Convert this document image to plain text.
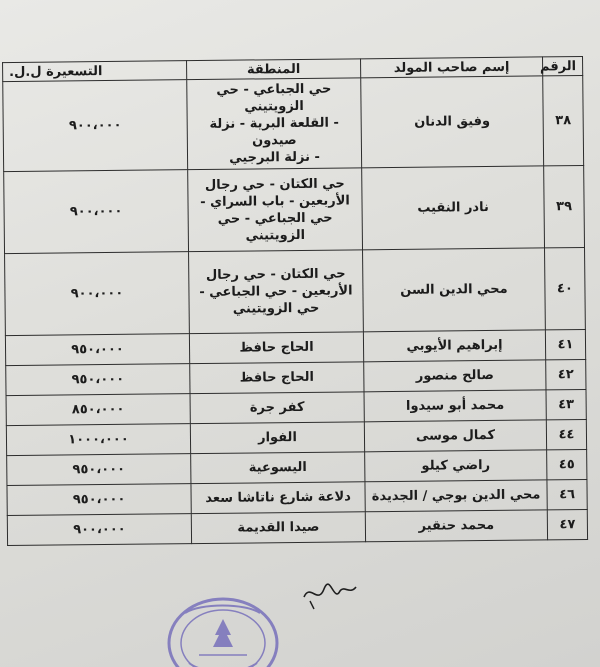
الرقم	إسم صاحب المولد	المنطقة	التسعيرة ل.ل.
٣٨	وفيق الدنان	حي الجباعي - حي الزويتيني
- القلعة البرية - نزلة صيدون
- نزلة البرجيي	٩٠٠،٠٠٠
٣٩	نادر النقيب	حي الكتان - حي رجال
الأربعين - باب السراي -
حي الجباعي - حي الزويتيني	٩٠٠،٠٠٠
٤٠	محي الدين السن	حي الكتان - حي رجال
الأربعين - حي الجباعي -
حي الزويتيني	٩٠٠،٠٠٠
٤١	إبراهيم الأيوبي	الحاج حافظ	٩٥٠،٠٠٠
٤٢	صالح منصور	الحاج حافظ	٩٥٠،٠٠٠
٤٣	محمد أبو سيدوا	كفر جرة	٨٥٠،٠٠٠
٤٤	كمال موسى	الفوار	١٠٠٠،٠٠٠
٤٥	راضي كيلو	اليسوعية	٩٥٠،٠٠٠
٤٦	محي الدين بوجي / الجديدة	دلاعة شارع ناتاشا سعد	٩٥٠،٠٠٠
٤٧	محمد حنقير	صيدا القديمة	٩٠٠،٠٠٠
